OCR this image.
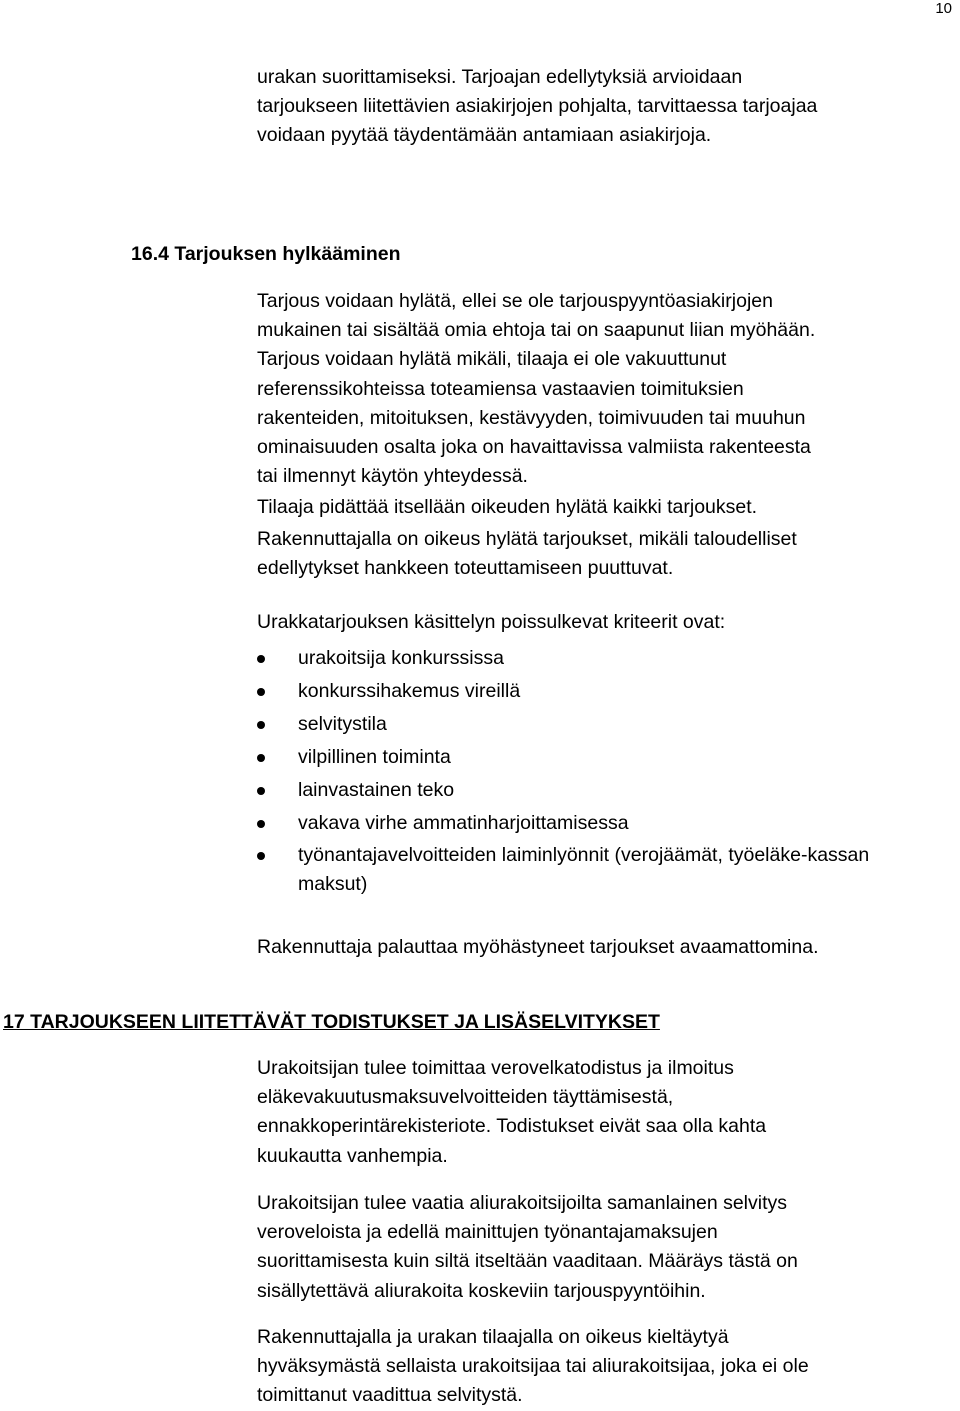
10

urakan suorittamiseksi. Tarjoajan edellytyksiä arvioidaan

tarjoukseen liitettävien asiakirjojen pohjalta, tarvittaessa tarjoajaa

voidaan pyytää täydentämään antamiaan asiakirjoja.

16.4 Tarjouksen hylkääminen

Tarjous voidaan hylätä, ellei se ole tarjouspyyntöasiakirjojen

mukainen tai sisältää omia ehtoja tai on saapunut liian myöhään.

Tarjous voidaan hylätä mikäli, tilaaja ei ole vakuuttunut

referenssikohteissa toteamiensa vastaavien toimituksien

rakenteiden, mitoituksen, kestävyyden, toimivuuden tai muuhun

ominaisuuden osalta joka on havaittavissa valmiista rakenteesta

tai ilmennyt käytön yhteydessä.

Tilaaja pidättää itsellään oikeuden hylätä kaikki tarjoukset.

Rakennuttajalla on oikeus hylätä tarjoukset, mikäli taloudelliset

edellytykset hankkeen toteuttamiseen puuttuvat.

Urakkatarjouksen käsittelyn poissulkevat kriteerit ovat:
urakoitsija konkurssissa
konkurssihakemus vireillä
selvitystila
vilpillinen toiminta
lainvastainen teko
vakava virhe ammatinharjoittamisessa
työnantajavelvoitteiden laiminlyönnit (verojäämät, työeläke-kassan maksut)
Rakennuttaja palauttaa myöhästyneet tarjoukset avaamattomina.
17 TARJOUKSEEN LIITETTÄVÄT TODISTUKSET JA LISÄSELVITYKSET

Urakoitsijan tulee toimittaa verovelkatodistus ja ilmoitus

eläkevakuutusmaksuvelvoitteiden täyttämisestä,

ennakkoperintärekisteriote. Todistukset eivät saa olla kahta

kuukautta vanhempia.

Urakoitsijan tulee vaatia aliurakoitsijoilta samanlainen selvitys

veroveloista ja edellä mainittujen työnantajamaksujen

suorittamisesta kuin siltä itseltään vaaditaan. Määräys tästä on

sisällytettävä aliurakoita koskeviin tarjouspyyntöihin.

Rakennuttajalla ja urakan tilaajalla on oikeus kieltäytyä

hyväksymästä sellaista urakoitsijaa tai aliurakoitsijaa, joka ei ole

toimittanut vaadittua selvitystä.
